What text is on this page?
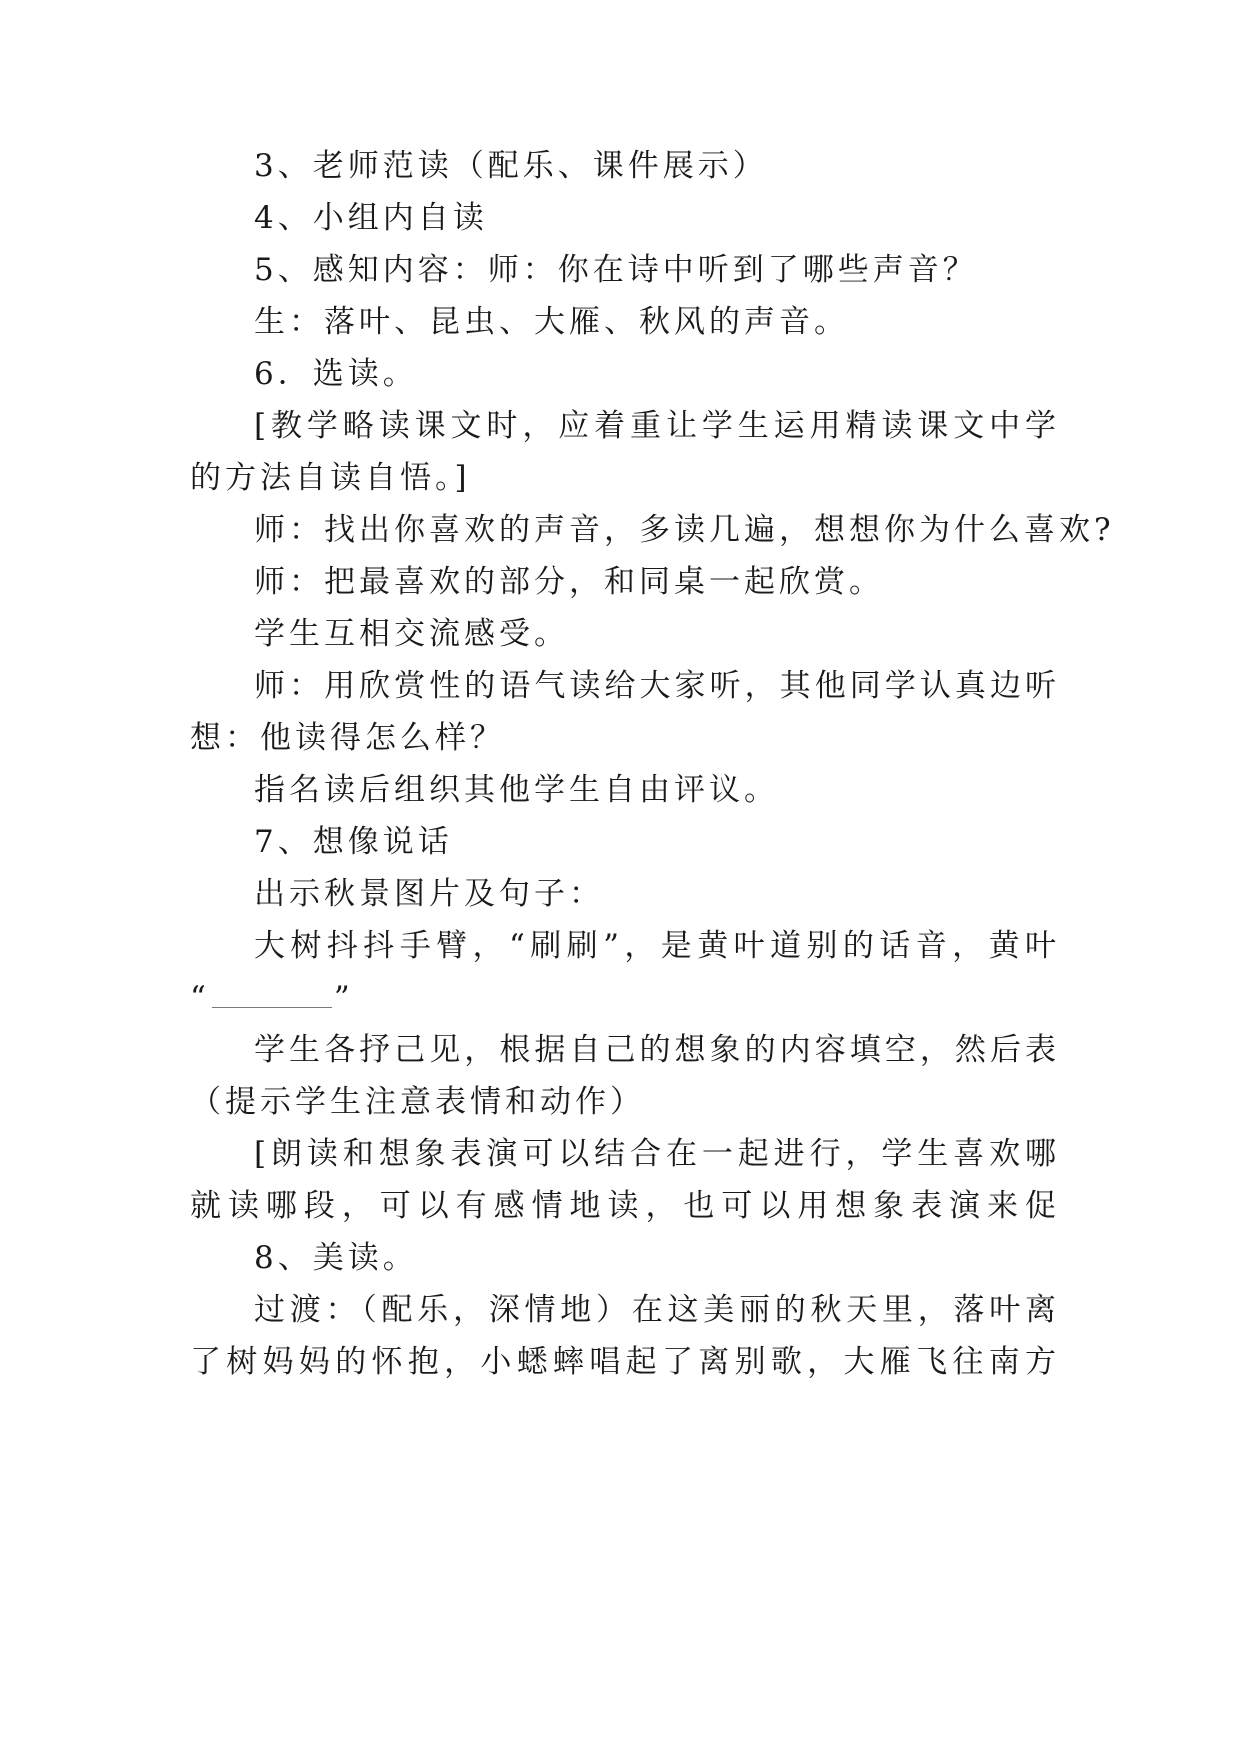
3、老师范读（配乐、课件展示）
4、小组内自读
5、感知内容：师：你在诗中听到了哪些声音？
生：落叶、昆虫、大雁、秋风的声音。
6．选读。
[教学略读课文时，应着重让学生运用精读课文中学
的方法自读自悟。]
师：找出你喜欢的声音，多读几遍，想想你为什么喜欢?
师：把最喜欢的部分，和同桌一起欣赏。
学生互相交流感受。
师：用欣赏性的语气读给大家听，其他同学认真边听
想：他读得怎么样？
指名读后组织其他学生自由评议。
7、想像说话
出示秋景图片及句子：
大树抖抖手臂，“刷刷”，是黄叶道别的话音，黄叶
“	”
学生各抒己见，根据自己的想象的内容填空，然后表
（提示学生注意表情和动作）
[朗读和想象表演可以结合在一起进行，学生喜欢哪
就读哪段，可以有感情地读，也可以用想象表演来促
8、美读。
过渡：（配乐，深情地）在这美丽的秋天里，落叶离
了树妈妈的怀抱，小蟋蟀唱起了离别歌，大雁飞往南方
